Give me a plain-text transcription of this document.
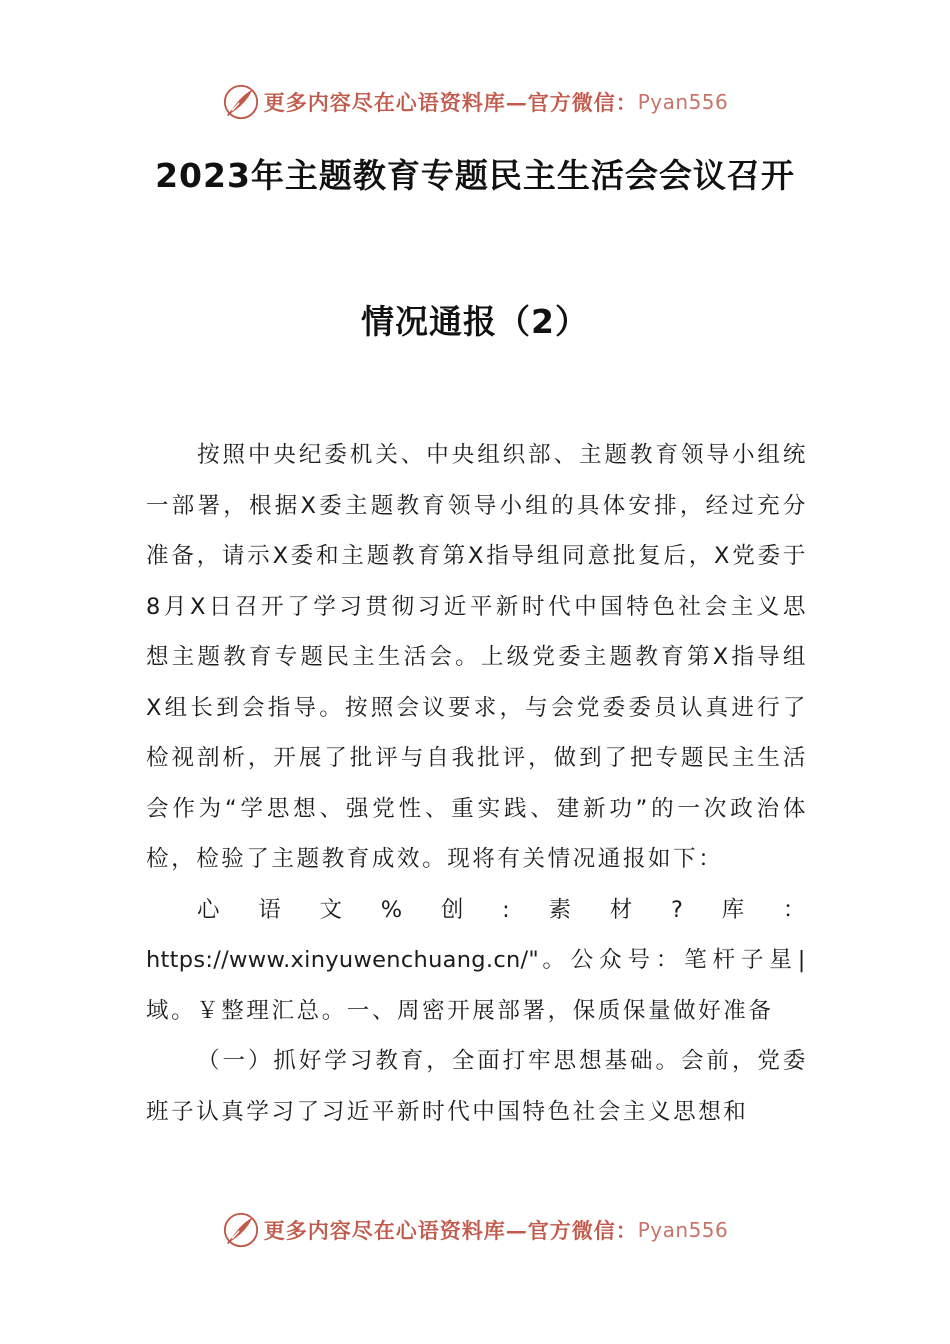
更多内容尽在心语资料库—官方微信： Pyan556
2023年主题教育专题民主生活会会议召开
情况通报（2）

按照中央纪委机关、中央组织部、主题教育领导小组统一部署，根据X委主题教育领导小组的具体安排，经过充分准备，请示X委和主题教育第X指导组同意批复后，X党委于8月X日召开了学习贯彻习近平新时代中国特色社会主义思想主题教育专题民主生活会。上级党委主题教育第X指导组X组长到会指导。按照会议要求，与会党委委员认真进行了检视剖析，开展了批评与自我批评，做到了把专题民主生活会作为“学思想、强党性、重实践、建新功”的一次政治体检，检验了主题教育成效。现将有关情况通报如下：

心语文%创:素材?库：https://www.xinyuwenchuang.cn/"。公众号：笔杆子星|域。￥整理汇总。一、周密开展部署，保质保量做好准备

（一）抓好学习教育，全面打牢思想基础。会前，党委班子认真学习了习近平新时代中国特色社会主义思想和

更多内容尽在心语资料库—官方微信： Pyan556
